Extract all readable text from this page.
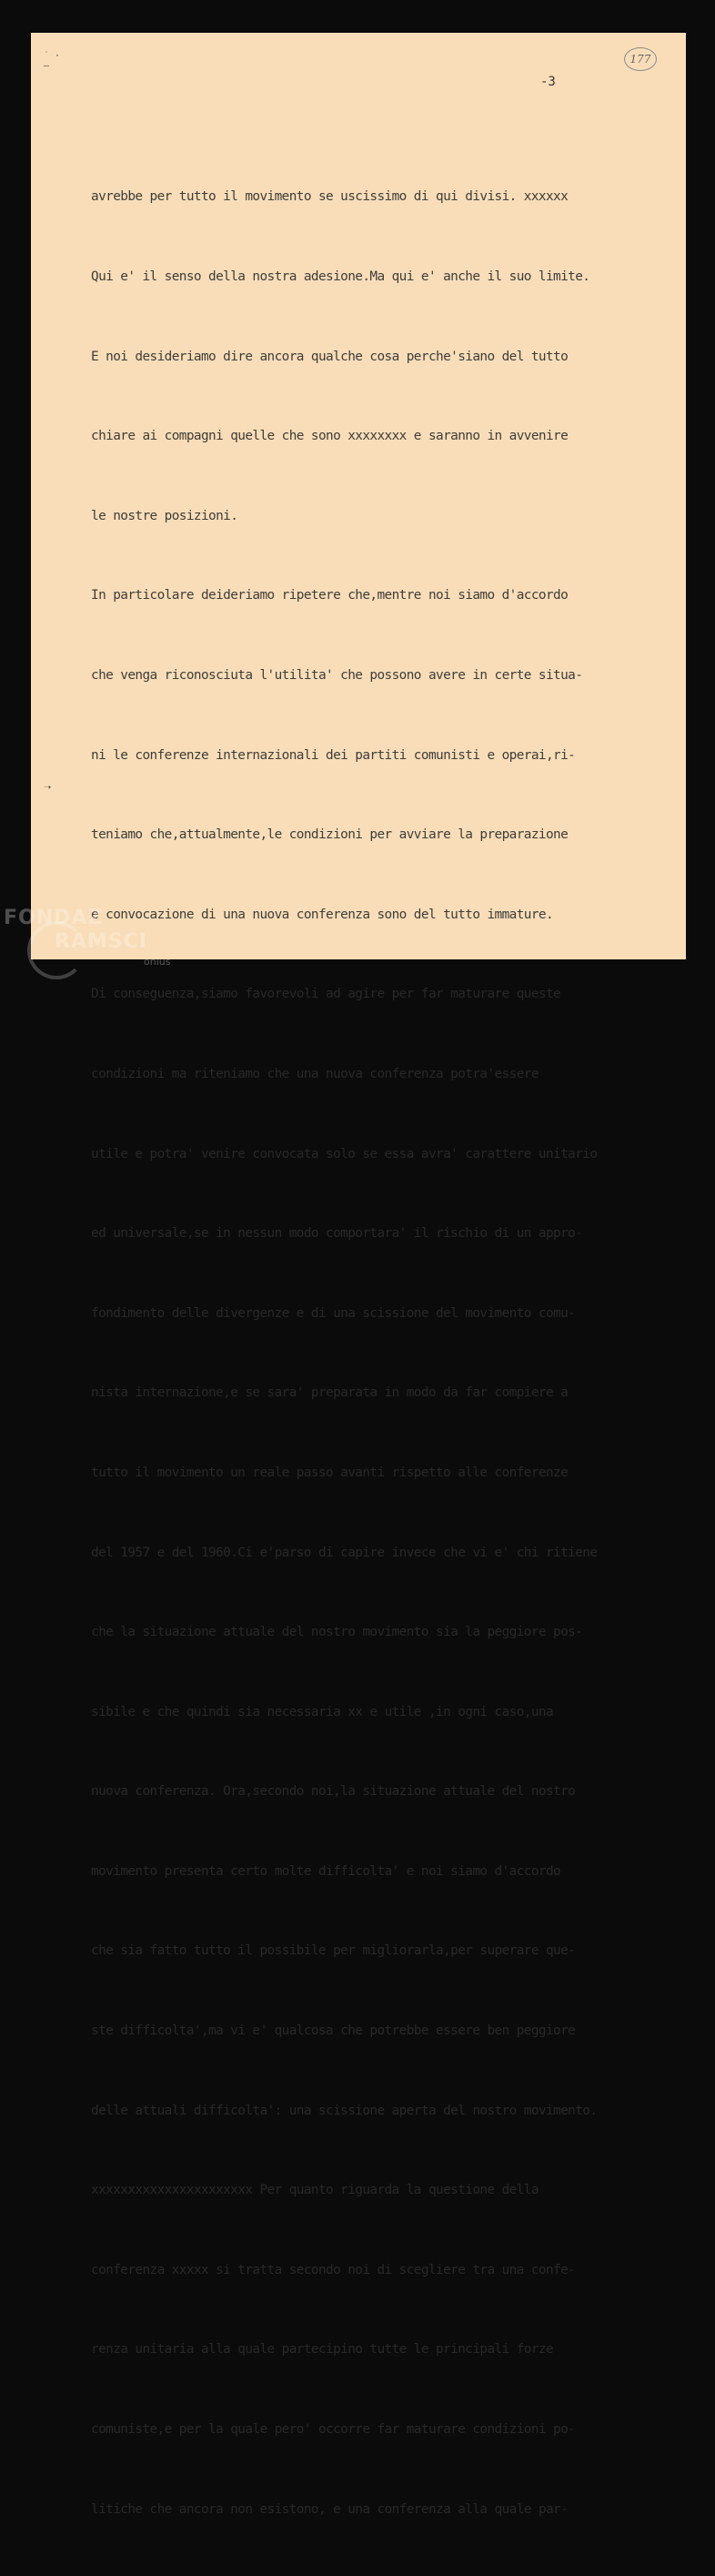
˙ ·
—
177
-3

avrebbe per tutto il movimento se uscissimo di qui divisi. xxxxxx

Qui e' il senso della nostra adesione.Ma qui e' anche il suo limite.

E noi desideriamo dire ancora qualche cosa perche'siano del tutto

chiare ai compagni quelle che sono xxxxxxxx e saranno in avvenire

le nostre posizioni.

In particolare deideriamo ripetere che,mentre noi siamo d'accordo

che venga riconosciuta l'utilita' che possono avere in certe situa-

ni le conferenze internazionali dei partiti comunisti e operai,ri-

teniamo che,attualmente,le condizioni per avviare la preparazione

e convocazione di una nuova conferenza sono del tutto immature.

Di conseguenza,siamo favorevoli ad agire per far maturare queste

condizioni ma riteniamo che una nuova conferenza potra'essere

utile e potra' venire convocata solo se essa avra' carattere unitario

ed universale,se in nessun modo comportara' il rischio di un appro-

fondimento delle divergenze e di una scissione del movimento comu-

nista internazione,e se sara' preparata in modo da far compiere a

tutto il movimento un reale passo avanti rispetto alle conferenze

del 1957 e del 1960.Ci e'parso di capire invece che vi e' chi ritiene

che la situazione attuale del nostro movimento sia la peggiore pos-

sibile e che quindi sia necessaria xx e utile ,in ogni caso,una

nuova conferenza. Ora,secondo noi,la situazione attuale del nostro

movimento presenta certo molte difficolta' e noi siamo d'accordo

che sia fatto tutto il possibile per migliorarla,per superare que-

ste difficolta',ma vi e' qualcosa che potrebbe essere ben peggiore

delle attuali difficolta': una scissione aperta del nostro movimento.

xxxxxxxxxxxxxxxxxxxxxx Per quanto riguarda la questione della

conferenza xxxxx si tratta secondo noi di scegliere tra una confe-

renza unitaria alla quale partecipino tutte le principali forze

comuniste,e per la quale pero' occorre far maturare condizioni po-

litiche che ancora non esistono, e una conferenza alla quale par-

➝
FONDAZ
RAMSCI
onlus
